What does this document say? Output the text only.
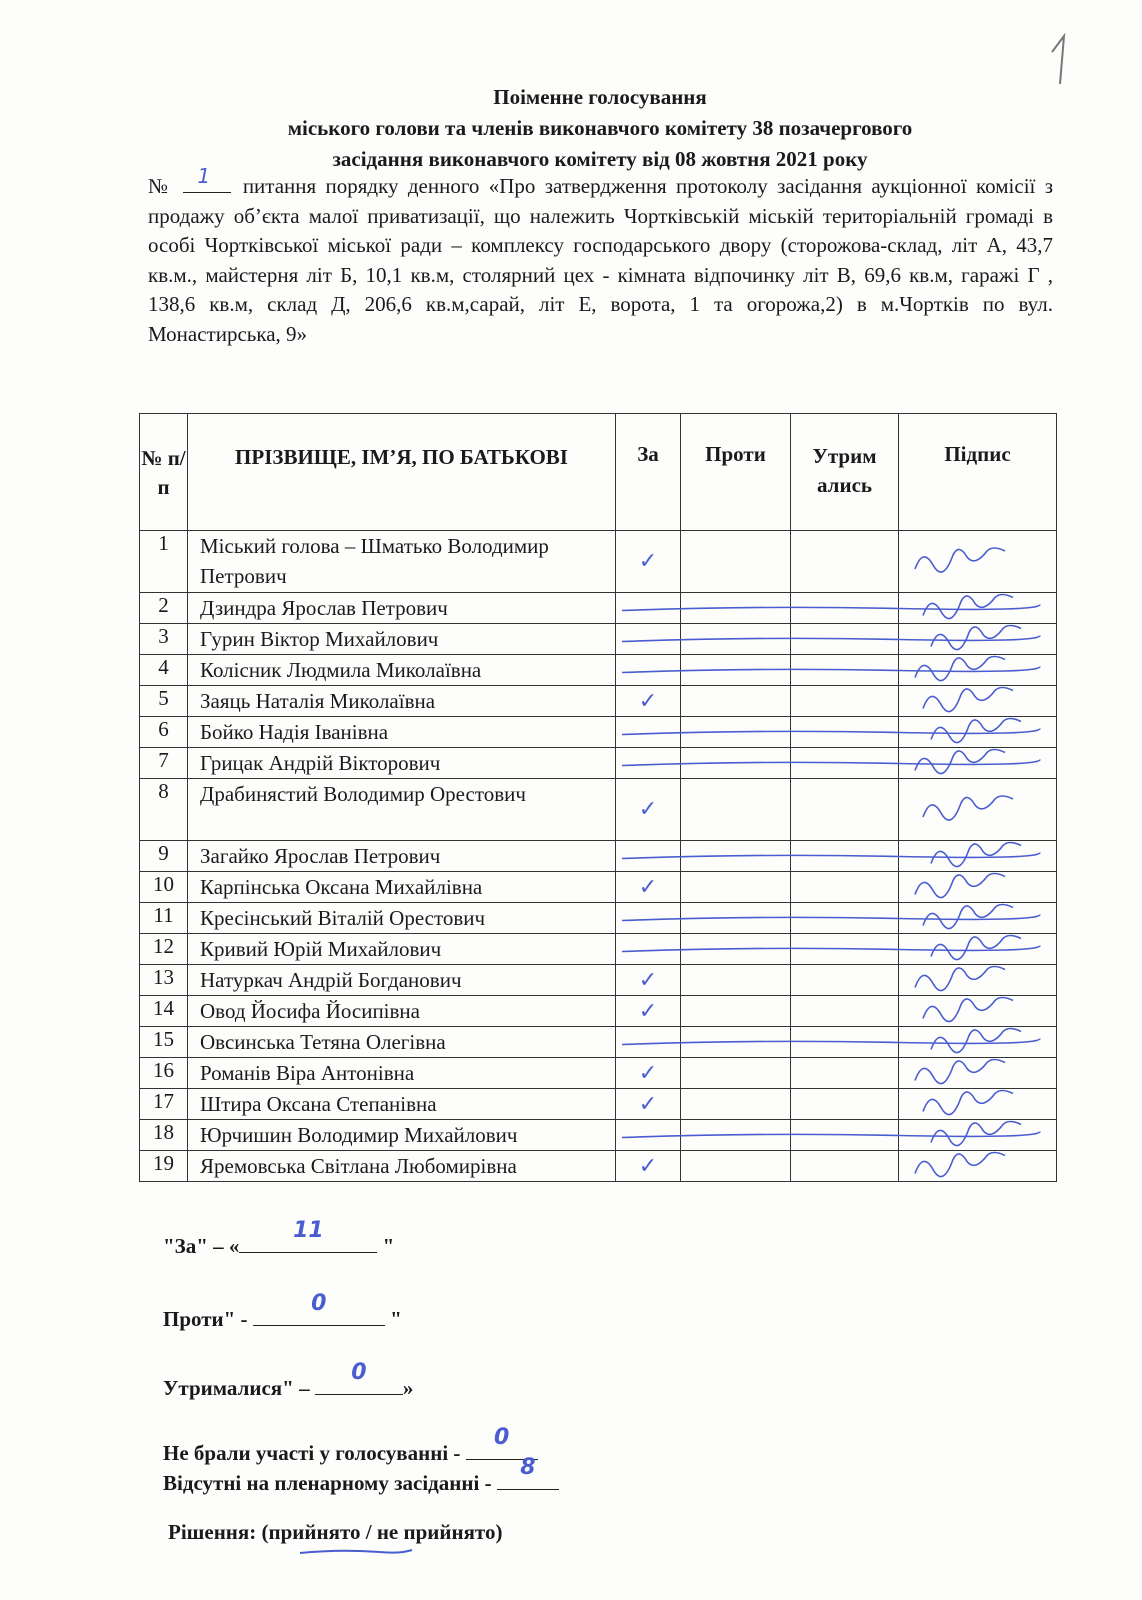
Поіменне голосування
міського голови та членів виконавчого комітету 38 позачергового
засідання виконавчого комітету від 08 жовтня 2021 року
№ 1 питання порядку денного «Про затвердження протоколу засідання аукціонної комісії з продажу об’єкта малої приватизації, що належить Чортківській міській територіальній громаді в особі Чортківської міської ради – комплексу господарського двору (сторожова-склад, літ А, 43,7 кв.м., майстерня літ Б, 10,1 кв.м, столярний цех - кімната відпочинку літ В, 69,6 кв.м, гаражі Г , 138,6 кв.м, склад Д, 206,6 кв.м,сарай, літ Е, ворота, 1 та огорожа,2) в м.Чортків по вул. Монастирська, 9»
№ п/п	ПРІЗВИЩЕ, ІМ’Я, ПО БАТЬКОВІ	За	Проти	Утрим ались	Підпис
1	Міський голова – Шматько Володимир Петрович	✓			
2	Дзиндра Ярослав Петрович				
3	Гурин Віктор Михайлович				
4	Колісник Людмила Миколаївна				
5	Заяць Наталія Миколаївна	✓			
6	Бойко Надія Іванівна				
7	Грицак Андрій Вікторович				
8	Драбинястий Володимир Орестович	✓			
9	Загайко Ярослав Петрович				
10	Карпінська Оксана Михайлівна	✓			
11	Кресінський Віталій Орестович				
12	Кривий Юрій Михайлович				
13	Натуркач Андрій Богданович	✓			
14	Овод Йосифа Йосипівна	✓			
15	Овсинська Тетяна Олегівна				
16	Романів Віра Антонівна	✓			
17	Штира Оксана Степанівна	✓			
18	Юрчишин Володимир Михайлович				
19	Яремовська Світлана Любомирівна	✓			
"За" – «
11
"
Проти" -
0
"
Утрималися" –
0
»
Не брали участі у голосуванні -
0
Відсутні на пленарному засіданні -
8
Рішення: (прийнято / не прийнято)
